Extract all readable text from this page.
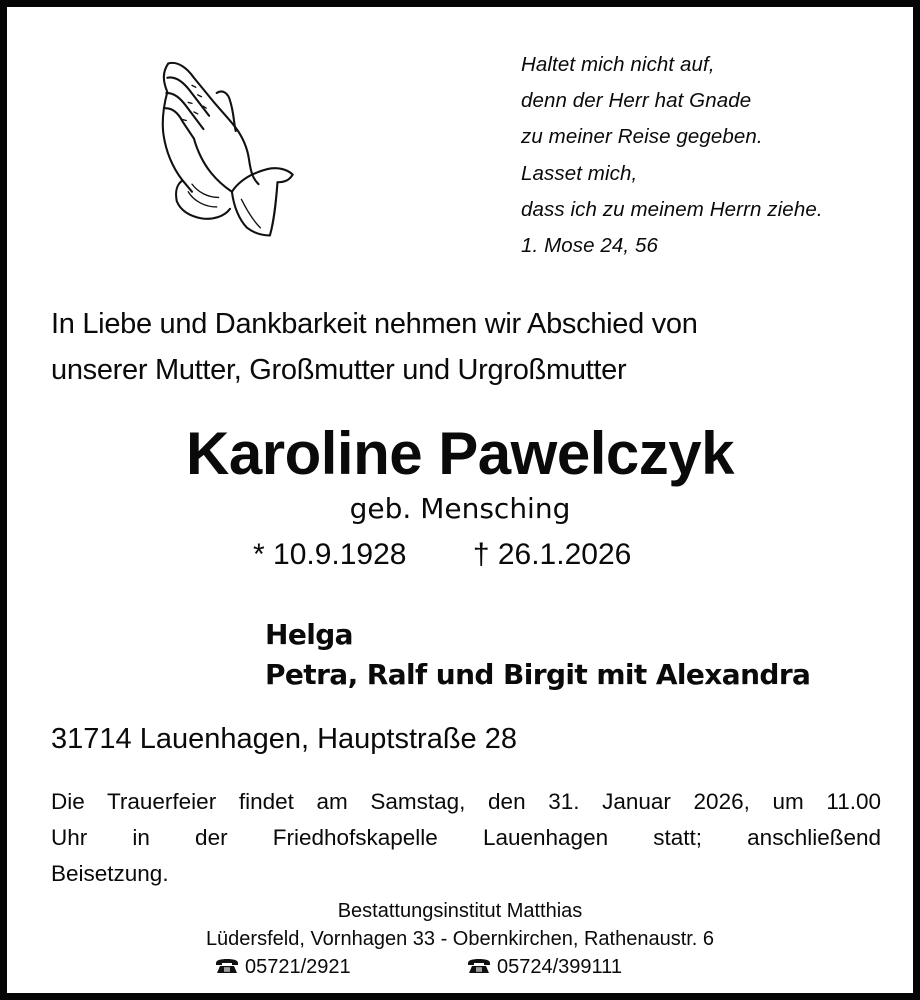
Haltet mich nicht auf,
denn der Herr hat Gnade
zu meiner Reise gegeben.
Lasset mich,
dass ich zu meinem Herrn ziehe.
1. Mose 24, 56
In Liebe und Dankbarkeit nehmen wir Abschied von
unserer Mutter, Großmutter und Urgroßmutter
Karoline Pawelczyk
geb. Mensching
* 10.9.1928 † 26.1.2026
Helga
Petra, Ralf und Birgit mit Alexandra
31714 Lauenhagen, Hauptstraße 28
Die Trauerfeier findet am Samstag, den 31. Januar 2026, um 11.00
Uhr in der Friedhofskapelle Lauenhagen statt; anschließend
Beisetzung.
Bestattungsinstitut Matthias
Lüdersfeld, Vornhagen 33 - Obernkirchen, Rathenaustr. 6
05721/2921	05724/399111
